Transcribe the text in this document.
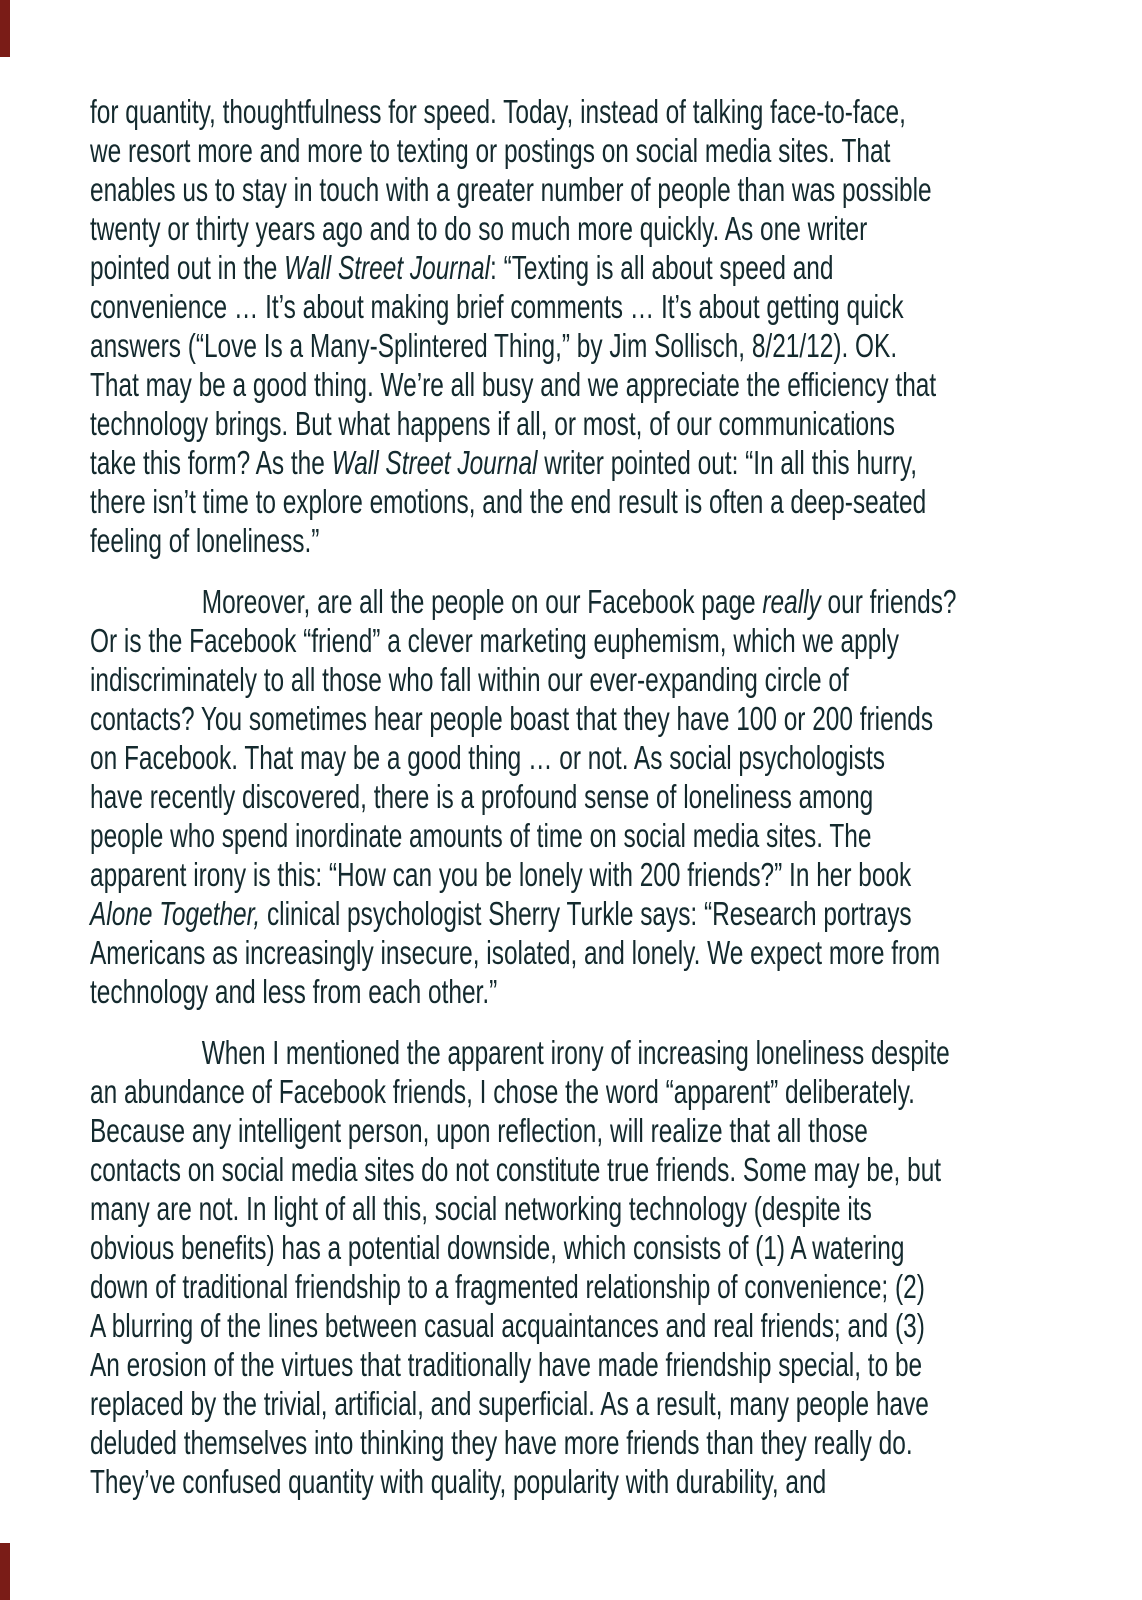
for quantity, thoughtfulness for speed. Today, instead of talking face-to-face,
we resort more and more to texting or postings on social media sites. That
enables us to stay in touch with a greater number of people than was possible
twenty or thirty years ago and to do so much more quickly. As one writer
pointed out in the Wall Street Journal: “Texting is all about speed and
convenience … It’s about making brief comments … It’s about getting quick
answers (“Love Is a Many-Splintered Thing,” by Jim Sollisch, 8/21/12). OK.
That may be a good thing. We’re all busy and we appreciate the efficiency that
technology brings. But what happens if all, or most, of our communications
take this form? As the Wall Street Journal writer pointed out: “In all this hurry,
there isn’t time to explore emotions, and the end result is often a deep-seated
feeling of loneliness.”
Moreover, are all the people on our Facebook page really our friends?
Or is the Facebook “friend” a clever marketing euphemism, which we apply
indiscriminately to all those who fall within our ever-expanding circle of
contacts? You sometimes hear people boast that they have 100 or 200 friends
on Facebook. That may be a good thing … or not. As social psychologists
have recently discovered, there is a profound sense of loneliness among
people who spend inordinate amounts of time on social media sites. The
apparent irony is this: “How can you be lonely with 200 friends?” In her book
Alone Together, clinical psychologist Sherry Turkle says: “Research portrays
Americans as increasingly insecure, isolated, and lonely. We expect more from
technology and less from each other.”
When I mentioned the apparent irony of increasing loneliness despite
an abundance of Facebook friends, I chose the word “apparent” deliberately.
Because any intelligent person, upon reflection, will realize that all those
contacts on social media sites do not constitute true friends. Some may be, but
many are not. In light of all this, social networking technology (despite its
obvious benefits) has a potential downside, which consists of (1) A watering
down of traditional friendship to a fragmented relationship of convenience; (2)
A blurring of the lines between casual acquaintances and real friends; and (3)
An erosion of the virtues that traditionally have made friendship special, to be
replaced by the trivial, artificial, and superficial. As a result, many people have
deluded themselves into thinking they have more friends than they really do.
They’ve confused quantity with quality, popularity with durability, and
